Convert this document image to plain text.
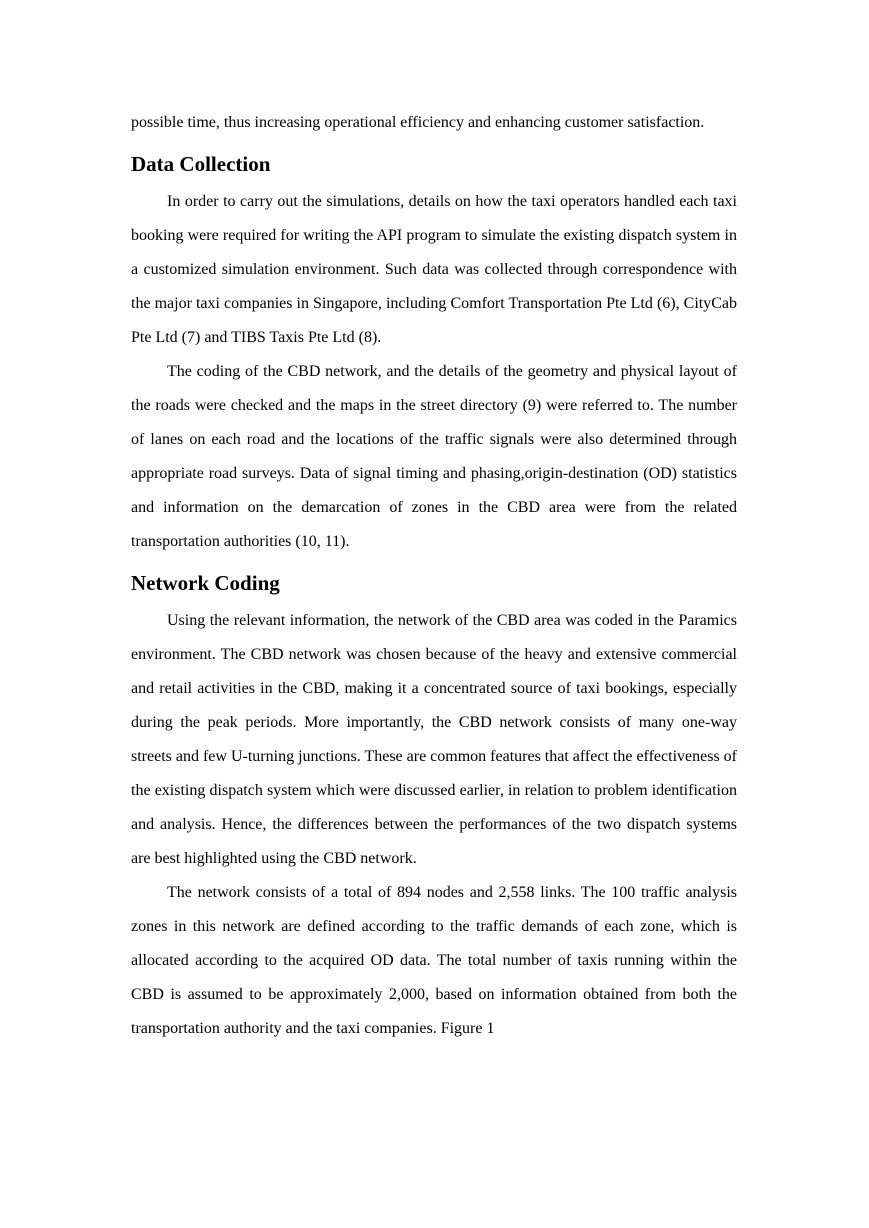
possible time, thus increasing operational efficiency and enhancing customer satisfaction.

Data Collection

In order to carry out the simulations, details on how the taxi operators handled each taxi booking were required for writing the API program to simulate the existing dispatch system in a customized simulation environment. Such data was collected through correspondence with the major taxi companies in Singapore, including Comfort Transportation Pte Ltd (6), CityCab Pte Ltd (7) and TIBS Taxis Pte Ltd (8).

The coding of the CBD network, and the details of the geometry and physical layout of the roads were checked and the maps in the street directory (9) were referred to. The number of lanes on each road and the locations of the traffic signals were also determined through appropriate road surveys. Data of signal timing and phasing,origin-destination (OD) statistics and information on the demarcation of zones in the CBD area were from the related transportation authorities (10, 11).

Network Coding

Using the relevant information, the network of the CBD area was coded in the Paramics environment. The CBD network was chosen because of the heavy and extensive commercial and retail activities in the CBD, making it a concentrated source of taxi bookings, especially during the peak periods. More importantly, the CBD network consists of many one-way streets and few U-turning junctions. These are common features that affect the effectiveness of the existing dispatch system which were discussed earlier, in relation to problem identification and analysis. Hence, the differences between the performances of the two dispatch systems are best highlighted using the CBD network.

The network consists of a total of 894 nodes and 2,558 links. The 100 traffic analysis zones in this network are defined according to the traffic demands of each zone, which is allocated according to the acquired OD data. The total number of taxis running within the CBD is assumed to be approximately 2,000, based on information obtained from both the transportation authority and the taxi companies. Figure 1
